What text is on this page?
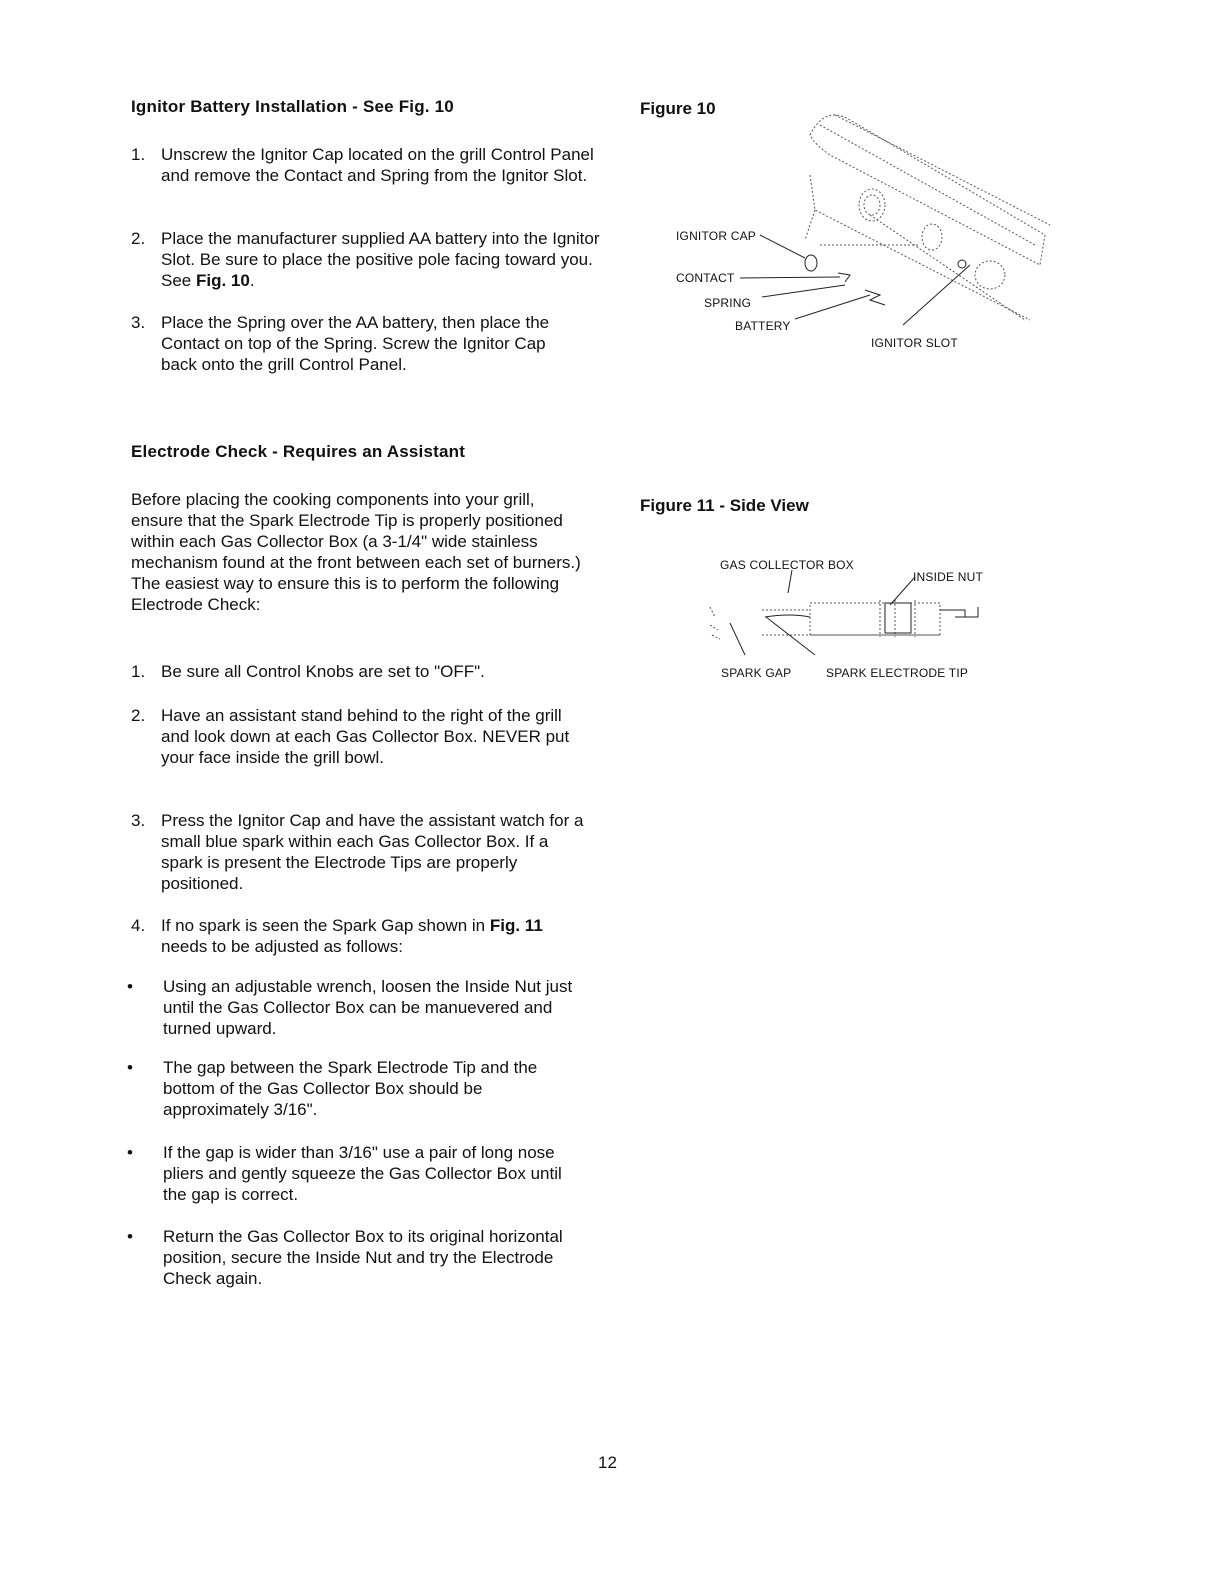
Ignitor Battery Installation - See Fig. 10
1. Unscrew the Ignitor Cap located on the grill Control Panel and remove the Contact and Spring from the Ignitor Slot.
2. Place the manufacturer supplied AA battery into the Ignitor Slot. Be sure to place the positive pole facing toward you. See Fig. 10.
3. Place the Spring over the AA battery, then place the Contact on top of the Spring. Screw the Ignitor Cap back onto the grill Control Panel.
Electrode Check - Requires an Assistant
Before placing the cooking components into your grill, ensure that the Spark Electrode Tip is properly positioned within each Gas Collector Box (a 3-1/4" wide stainless mechanism found at the front between each set of burners.) The easiest way to ensure this is to perform the following Electrode Check:
1. Be sure all Control Knobs are set to "OFF".
2. Have an assistant stand behind to the right of the grill and look down at each Gas Collector Box. NEVER put your face inside the grill bowl.
3. Press the Ignitor Cap and have the assistant watch for a small blue spark within each Gas Collector Box. If a spark is present the Electrode Tips are properly positioned.
4. If no spark is seen the Spark Gap shown in Fig. 11 needs to be adjusted as follows:
• Using an adjustable wrench, loosen the Inside Nut just until the Gas Collector Box can be manuevered and turned upward.
• The gap between the Spark Electrode Tip and the bottom of the Gas Collector Box should be approximately 3/16".
• If the gap is wider than 3/16" use a pair of long nose pliers and gently squeeze the Gas Collector Box until the gap is correct.
• Return the Gas Collector Box to its original horizontal position, secure the Inside Nut and try the Electrode Check again.
Figure 10
IGNITOR CAP
CONTACT
SPRING
BATTERY
IGNITOR SLOT
Figure 11 - Side View
GAS COLLECTOR BOX
INSIDE NUT
SPARK GAP	SPARK ELECTRODE TIP
12
